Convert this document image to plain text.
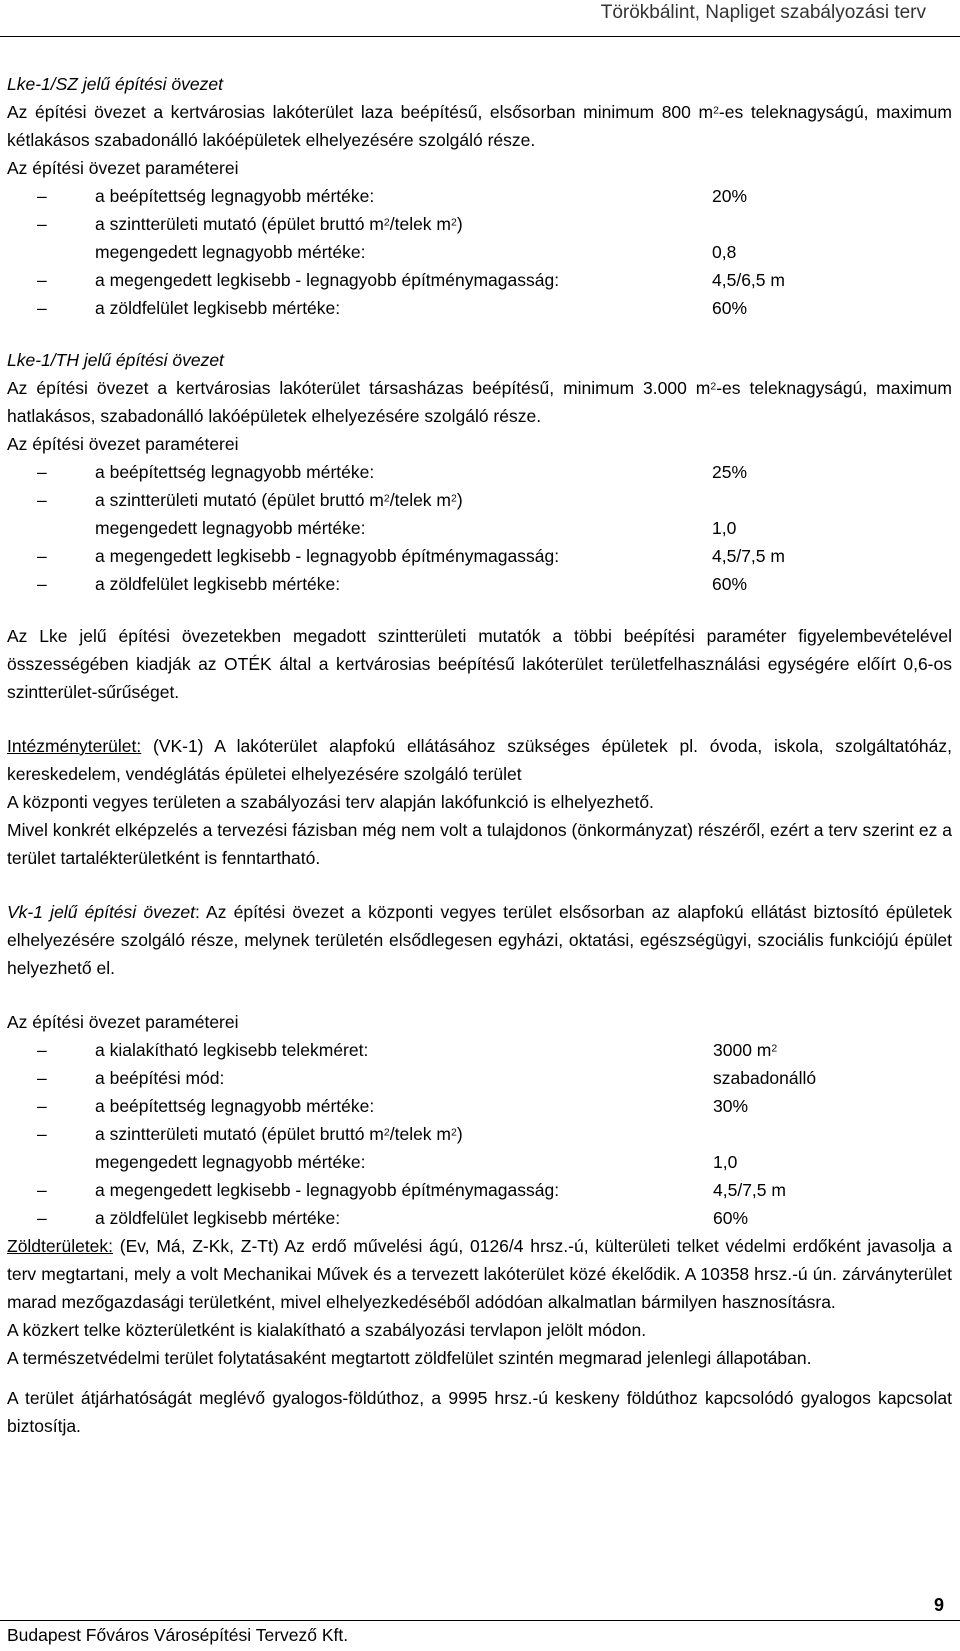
Törökbálint, Napliget szabályozási terv

Lke-1/SZ jelű építési övezet

Az építési övezet a kertvárosias lakóterület laza beépítésű, elsősorban minimum 800 $m^2-es$ teleknagyságú, maximum kétlakásos szabadonálló lakóépületek elhelyezésére szolgáló része.

Az építési övezet paraméterei

–	a beépítettség legnagyobb mértéke:	20%
–	a szintterületi mutató (épület bruttó $m^2$/telek $m^2$)
megengedett legnagyobb mértéke:	0,8
–	a megengedett legkisebb - legnagyobb építménymagasság:	4,5/6,5 m
–	a zöldfelület legkisebb mértéke:	60%

Lke-1/TH jelű építési övezet

Az építési övezet a kertvárosias lakóterület társasházas beépítésű, minimum 3.000 $m^2-es$ teleknagyságú, maximum hatlakásos, szabadonálló lakóépületek elhelyezésére szolgáló része.

Az építési övezet paraméterei

–	a beépítettség legnagyobb mértéke:	25%
–	a szintterületi mutató (épület bruttó $m^2$/telek $m^2$)
megengedett legnagyobb mértéke:	1,0
–	a megengedett legkisebb - legnagyobb építménymagasság:	4,5/7,5 m
–	a zöldfelület legkisebb mértéke:	60%

Az Lke jelű építési övezetekben megadott szintterületi mutatók a többi beépítési paraméter figyelembevételével összességében kiadják az OTÉK által a kertvárosias beépítésű lakóterület területfelhasználási egységére előírt 0,6-os szintterület-sűrűséget.

Intézményterület: (VK-1) A lakóterület alapfokú ellátásához szükséges épületek pl. óvoda, iskola, szolgáltatóház, kereskedelem, vendéglátás épületei elhelyezésére szolgáló terület

A központi vegyes területen a szabályozási terv alapján lakófunkció is elhelyezhető.

Mivel konkrét elképzelés a tervezési fázisban még nem volt a tulajdonos (önkormányzat) részéről, ezért a terv szerint ez a terület tartalékterületként is fenntartható.

Vk-1 jelű építési övezet: Az építési övezet a központi vegyes terület elsősorban az alapfokú ellátást biztosító épületek elhelyezésére szolgáló része, melynek területén elsődlegesen egyházi, oktatási, egészségügyi, szociális funkciójú épület helyezhető el.

Az építési övezet paraméterei

–	a kialakítható legkisebb telekméret:	3000 $m^2$
–	a beépítési mód:	szabadonálló
–	a beépítettség legnagyobb mértéke:	30%
–	a szintterületi mutató (épület bruttó $m^2$/telek $m^2$)
megengedett legnagyobb mértéke:	1,0
–	a megengedett legkisebb - legnagyobb építménymagasság:	4,5/7,5 m
–	a zöldfelület legkisebb mértéke:	60%

Zöldterületek: (Ev, Má, Z-Kk, Z-Tt) Az erdő művelési ágú, 0126/4 hrsz.-ú, külterületi telket védelmi erdőként javasolja a terv megtartani, mely a volt Mechanikai Művek és a tervezett lakóterület közé ékelődik. A 10358 hrsz.-ú ún. zárványterület marad mezőgazdasági területként, mivel elhelyezkedéséből adódóan alkalmatlan bármilyen hasznosításra.

A közkert telke közterületként is kialakítható a szabályozási tervlapon jelölt módon.

A természetvédelmi terület folytatásaként megtartott zöldfelület szintén megmarad jelenlegi állapotában.

A terület átjárhatóságát meglévő gyalogos-földúthoz, a 9995 hrsz.-ú keskeny földúthoz kapcsolódó gyalogos kapcsolat biztosítja.

Budapest Főváros Városépítési Tervező Kft.
9
